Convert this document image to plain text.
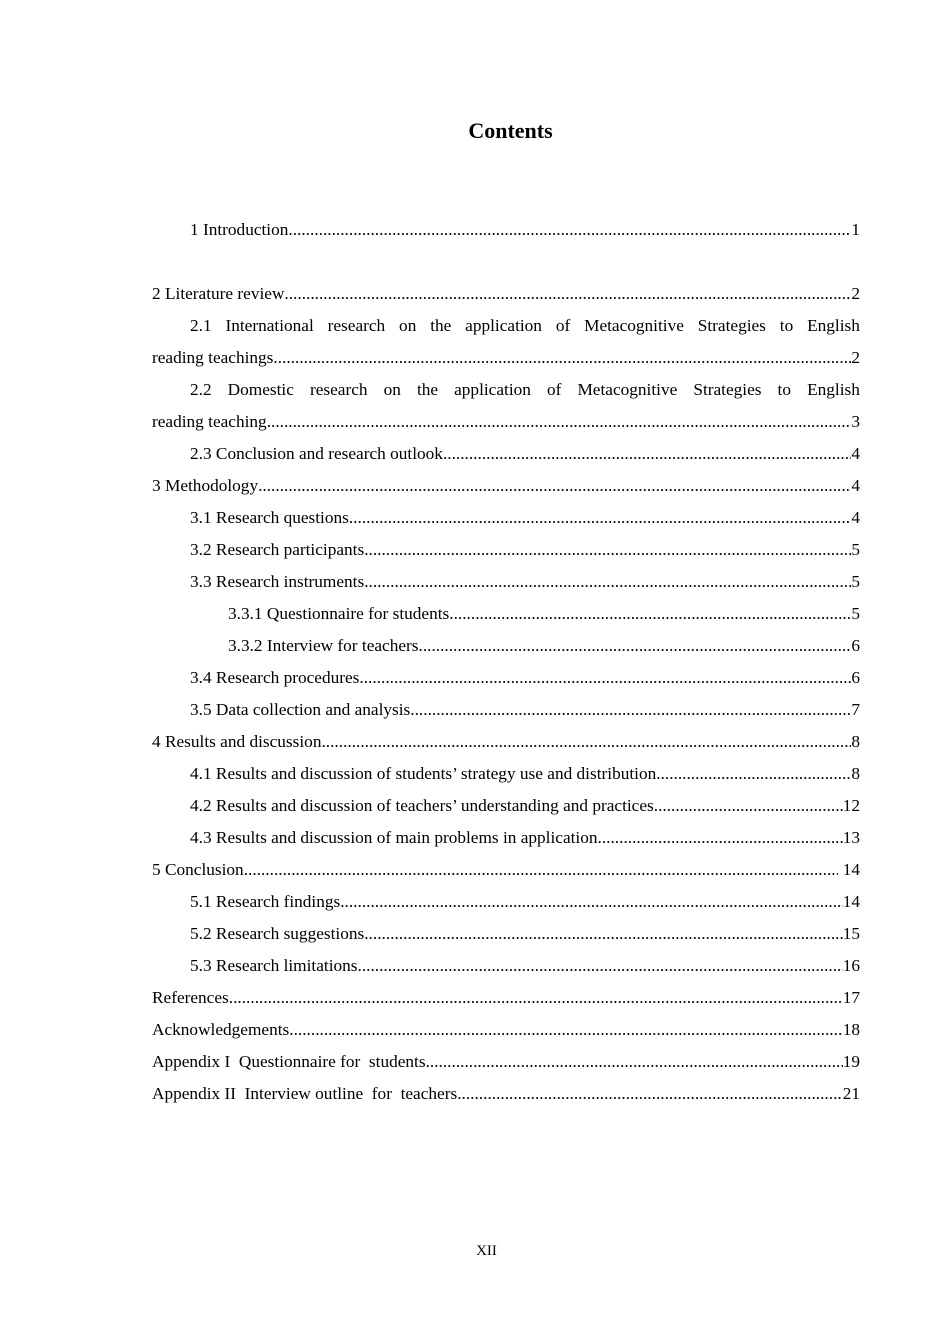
Contents
1 Introduction .....	1
2 Literature review .....	2
2.1 International research on the application of Metacognitive Strategies to English
reading teachings .....	2
2.2 Domestic research on the application of Metacognitive Strategies to English
reading teaching .....	3
2.3 Conclusion and research outlook .....	4
3 Methodology .....	4
3.1 Research questions .....	4
3.2 Research participants .....	5
3.3 Research instruments .....	5
3.3.1 Questionnaire for students .....	5
3.3.2 Interview for teachers .....	6
3.4 Research procedures .....	6
3.5 Data collection and analysis .....	7
4 Results and discussion .....	8
4.1 Results and discussion of students’ strategy use and distribution .....	8
4.2 Results and discussion of teachers’ understanding and practices .....	12
4.3 Results and discussion of main problems in application .....	13
5 Conclusion .....	14
5.1 Research findings .....	14
5.2 Research suggestions .....	15
5.3 Research limitations .....	16
References .....	17
Acknowledgements .....	18
Appendix I  Questionnaire for  students .....	19
Appendix II  Interview outline  for  teachers .....	21
XII
